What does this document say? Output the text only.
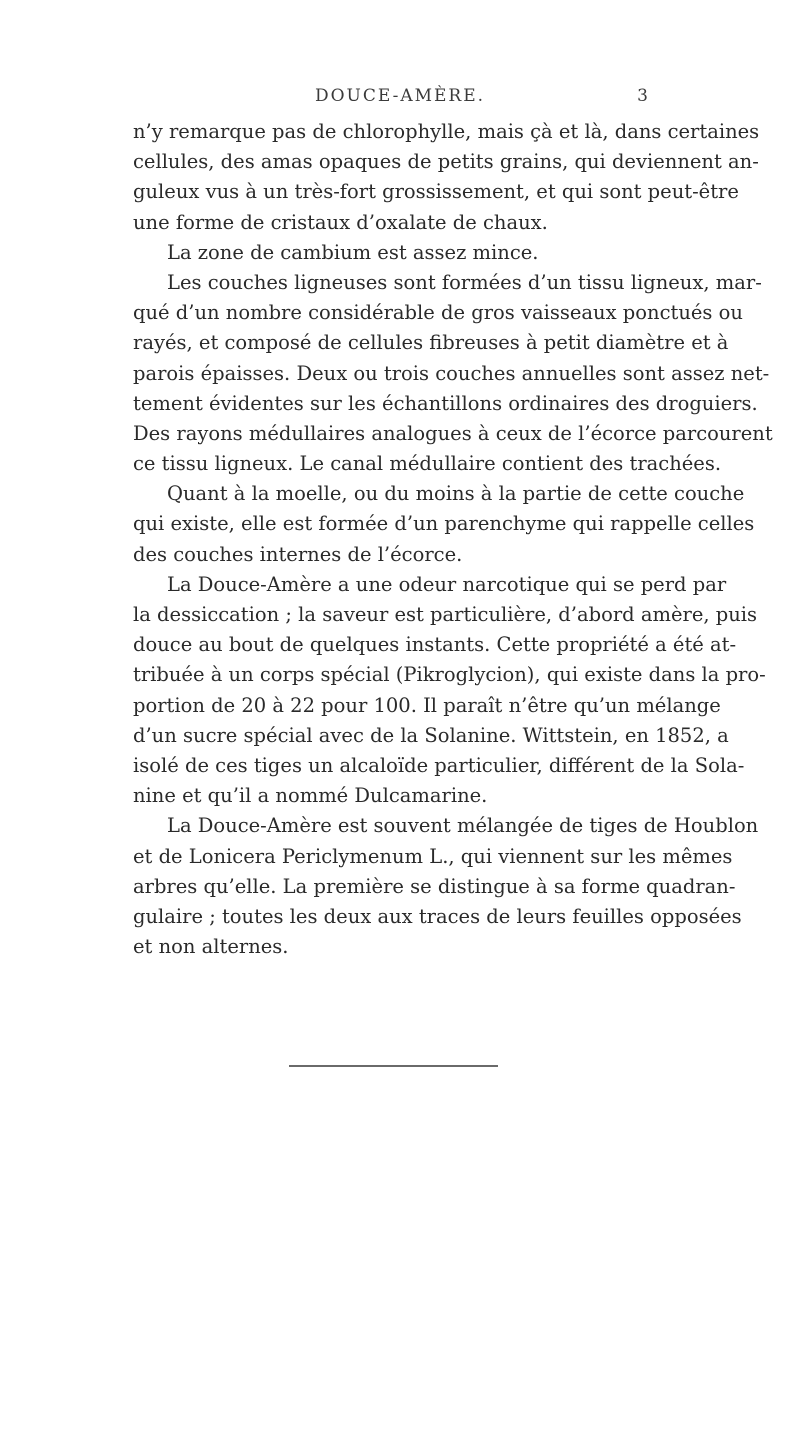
DOUCE-AMÈRE.	3
n’y remarque pas de chlorophylle, mais çà et là, dans certaines
cellules, des amas opaques de petits grains, qui deviennent an-
guleux vus à un très-fort grossissement, et qui sont peut-être
une forme de cristaux d’oxalate de chaux.
La zone de cambium est assez mince.
Les couches ligneuses sont formées d’un tissu ligneux, mar-
qué d’un nombre considérable de gros vaisseaux ponctués ou
rayés, et composé de cellules fibreuses à petit diamètre et à
parois épaisses. Deux ou trois couches annuelles sont assez net-
tement évidentes sur les échantillons ordinaires des droguiers.
Des rayons médullaires analogues à ceux de l’écorce parcourent
ce tissu ligneux. Le canal médullaire contient des trachées.
Quant à la moelle, ou du moins à la partie de cette couche
qui existe, elle est formée d’un parenchyme qui rappelle celles
des couches internes de l’écorce.
La Douce-Amère a une odeur narcotique qui se perd par
la dessiccation ; la saveur est particulière, d’abord amère, puis
douce au bout de quelques instants. Cette propriété a été at-
tribuée à un corps spécial (Pikroglycion), qui existe dans la pro-
portion de 20 à 22 pour 100. Il paraît n’être qu’un mélange
d’un sucre spécial avec de la Solanine. Wittstein, en 1852, a
isolé de ces tiges un alcaloïde particulier, différent de la Sola-
nine et qu’il a nommé Dulcamarine.
La Douce-Amère est souvent mélangée de tiges de Houblon
et de Lonicera Periclymenum L., qui viennent sur les mêmes
arbres qu’elle. La première se distingue à sa forme quadran-
gulaire ; toutes les deux aux traces de leurs feuilles opposées
et non alternes.
